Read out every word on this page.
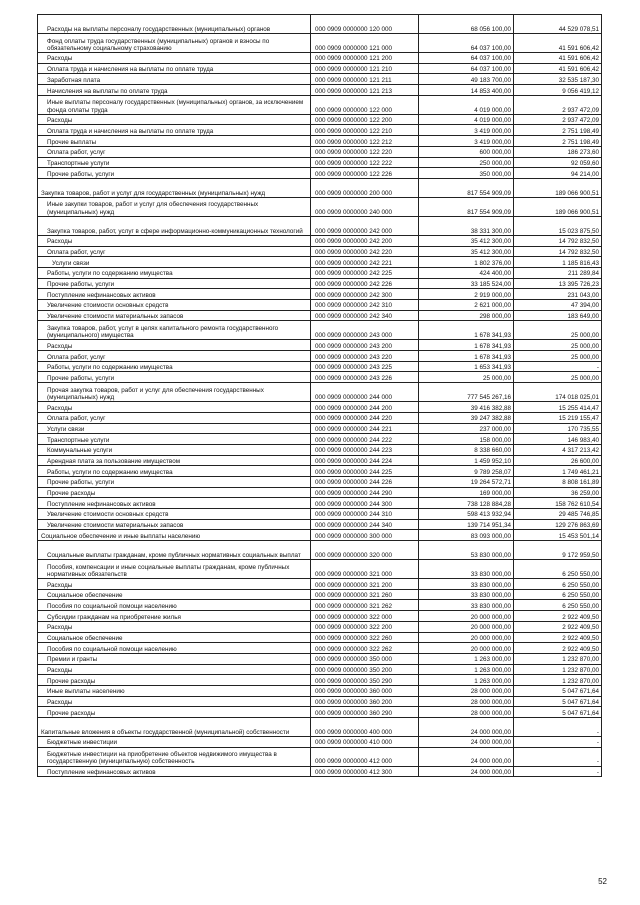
Расходы на выплаты персоналу государственных (муниципальных) органов	000 0909 0000000 120 000	68 056 100,00	44 529 078,51
Фонд оплаты труда государственных (муниципальных) органов и взносы по обязательному социальному страхованию	000 0909 0000000 121 000	64 037 100,00	41 591 606,42
Расходы	000 0909 0000000 121 200	64 037 100,00	41 591 606,42
Оплата труда и начисления на выплаты по оплате труда	000 0909 0000000 121 210	64 037 100,00	41 591 606,42
Заработная плата	000 0909 0000000 121 211	49 183 700,00	32 535 187,30
Начисления на выплаты по оплате труда	000 0909 0000000 121 213	14 853 400,00	9 056 419,12
Иные выплаты персоналу государственных (муниципальных) органов, за исключением фонда оплаты труда	000 0909 0000000 122 000	4 019 000,00	2 937 472,09
Расходы	000 0909 0000000 122 200	4 019 000,00	2 937 472,09
Оплата труда и начисления на выплаты по оплате труда	000 0909 0000000 122 210	3 419 000,00	2 751 198,49
Прочие выплаты	000 0909 0000000 122 212	3 419 000,00	2 751 198,49
Оплата работ, услуг	000 0909 0000000 122 220	600 000,00	186 273,60
Транспортные услуги	000 0909 0000000 122 222	250 000,00	92 059,60
Прочие работы, услуги	000 0909 0000000 122 226	350 000,00	94 214,00
Закупка товаров, работ и услуг для государственных (муниципальных) нужд	000 0909 0000000 200 000	817 554 909,09	189 066 900,51
Иные закупки товаров, работ и услуг для обеспечения государственных (муниципальных) нужд	000 0909 0000000 240 000	817 554 909,09	189 066 900,51
Закупка товаров, работ, услуг в сфере информационно-коммуникационных технологий	000 0909 0000000 242 000	38 331 300,00	15 023 875,50
Расходы	000 0909 0000000 242 200	35 412 300,00	14 792 832,50
Оплата работ, услуг	000 0909 0000000 242 220	35 412 300,00	14 792 832,50
Услуги связи	000 0909 0000000 242 221	1 802 376,00	1 185 816,43
Работы, услуги по содержанию имущества	000 0909 0000000 242 225	424 400,00	211 289,84
Прочие работы, услуги	000 0909 0000000 242 226	33 185 524,00	13 395 726,23
Поступление нефинансовых активов	000 0909 0000000 242 300	2 919 000,00	231 043,00
Увеличение стоимости основных средств	000 0909 0000000 242 310	2 621 000,00	47 394,00
Увеличение стоимости материальных запасов	000 0909 0000000 242 340	298 000,00	183 649,00
Закупка товаров, работ, услуг в целях капитального ремонта государственного (муниципального) имущества	000 0909 0000000 243 000	1 678 341,93	25 000,00
Расходы	000 0909 0000000 243 200	1 678 341,93	25 000,00
Оплата работ, услуг	000 0909 0000000 243 220	1 678 341,93	25 000,00
Работы, услуги по содержанию имущества	000 0909 0000000 243 225	1 653 341,93	-
Прочие работы, услуги	000 0909 0000000 243 226	25 000,00	25 000,00
Прочая закупка товаров, работ и услуг для обеспечения государственных (муниципальных) нужд	000 0909 0000000 244 000	777 545 267,16	174 018 025,01
Расходы	000 0909 0000000 244 200	39 416 382,88	15 255 414,47
Оплата работ, услуг	000 0909 0000000 244 220	39 247 382,88	15 219 155,47
Услуги связи	000 0909 0000000 244 221	237 000,00	170 735,55
Транспортные услуги	000 0909 0000000 244 222	158 000,00	146 983,40
Коммунальные услуги	000 0909 0000000 244 223	8 338 660,00	4 317 213,42
Арендная плата за пользование имуществом	000 0909 0000000 244 224	1 459 952,10	26 600,00
Работы, услуги по содержанию имущества	000 0909 0000000 244 225	9 789 258,07	1 749 461,21
Прочие работы, услуги	000 0909 0000000 244 226	19 264 572,71	8 808 161,89
Прочие расходы	000 0909 0000000 244 290	169 000,00	36 259,00
Поступление нефинансовых активов	000 0909 0000000 244 300	738 128 884,28	158 762 610,54
Увеличение стоимости основных средств	000 0909 0000000 244 310	598 413 932,94	29 485 746,85
Увеличение стоимости материальных запасов	000 0909 0000000 244 340	139 714 951,34	129 276 863,69
Социальное обеспечение и иные выплаты населению	000 0909 0000000 300 000	83 093 000,00	15 453 501,14
Социальные выплаты гражданам, кроме публичных нормативных социальных выплат	000 0909 0000000 320 000	53 830 000,00	9 172 959,50
Пособия, компенсации и иные социальные выплаты гражданам, кроме публичных нормативных обязательств	000 0909 0000000 321 000	33 830 000,00	6 250 550,00
Расходы	000 0909 0000000 321 200	33 830 000,00	6 250 550,00
Социальное обеспечение	000 0909 0000000 321 260	33 830 000,00	6 250 550,00
Пособия по социальной помощи населению	000 0909 0000000 321 262	33 830 000,00	6 250 550,00
Субсидии гражданам на приобретение жилья	000 0909 0000000 322 000	20 000 000,00	2 922 409,50
Расходы	000 0909 0000000 322 200	20 000 000,00	2 922 409,50
Социальное обеспечение	000 0909 0000000 322 260	20 000 000,00	2 922 409,50
Пособия по социальной помощи населению	000 0909 0000000 322 262	20 000 000,00	2 922 409,50
Премии и гранты	000 0909 0000000 350 000	1 263 000,00	1 232 870,00
Расходы	000 0909 0000000 350 200	1 263 000,00	1 232 870,00
Прочие расходы	000 0909 0000000 350 290	1 263 000,00	1 232 870,00
Иные выплаты населению	000 0909 0000000 360 000	28 000 000,00	5 047 671,64
Расходы	000 0909 0000000 360 200	28 000 000,00	5 047 671,64
Прочие расходы	000 0909 0000000 360 290	28 000 000,00	5 047 671,64
Капитальные вложения в объекты государственной (муниципальной) собственности	000 0909 0000000 400 000	24 000 000,00	-
Бюджетные инвестиции	000 0909 0000000 410 000	24 000 000,00	-
Бюджетные инвестиции на приобретение объектов недвижимого имущества в государственную (муниципальную) собственность	000 0909 0000000 412 000	24 000 000,00	-
Поступление нефинансовых активов	000 0909 0000000 412 300	24 000 000,00	-
52
